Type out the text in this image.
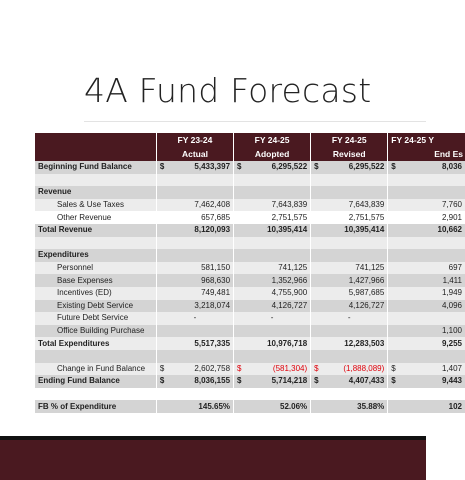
4A Fund Forecast
	FY 23-24	FY 24-25	FY 24-25	FY 24-25 Y
	Actual	Adopted	Revised	End Es
Beginning Fund Balance	$ 5,433,397	$ 6,295,522	$ 6,295,522	$ 8,036

Revenue	

Sales & Use Taxes	7,462,408	7,643,839	7,643,839	7,760

Other Revenue	657,685	2,751,575	2,751,575	2,901

Total Revenue	8,120,093	10,395,414	10,395,414	10,662

Expenditures	

Personnel	581,150	741,125	741,125	697

Base Expenses	968,630	1,352,966	1,427,966	1,411

Incentives (ED)	749,481	4,755,900	5,987,685	1,949

Existing Debt Service	3,218,074	4,126,727	4,126,727	4,096

Future Debt Service	-	-	-	

Office Building Purchase				1,100

Total Expenditures	5,517,335	10,976,718	12,283,503	9,255

Change in Fund Balance	$ 2,602,758	$ (581,304)	$ (1,888,089)	$ 1,407

Ending Fund Balance	$ 8,036,155	$ 5,714,218	$ 4,407,433	$ 9,443

FB % of Expenditure	145.65%	52.06%	35.88%	102
